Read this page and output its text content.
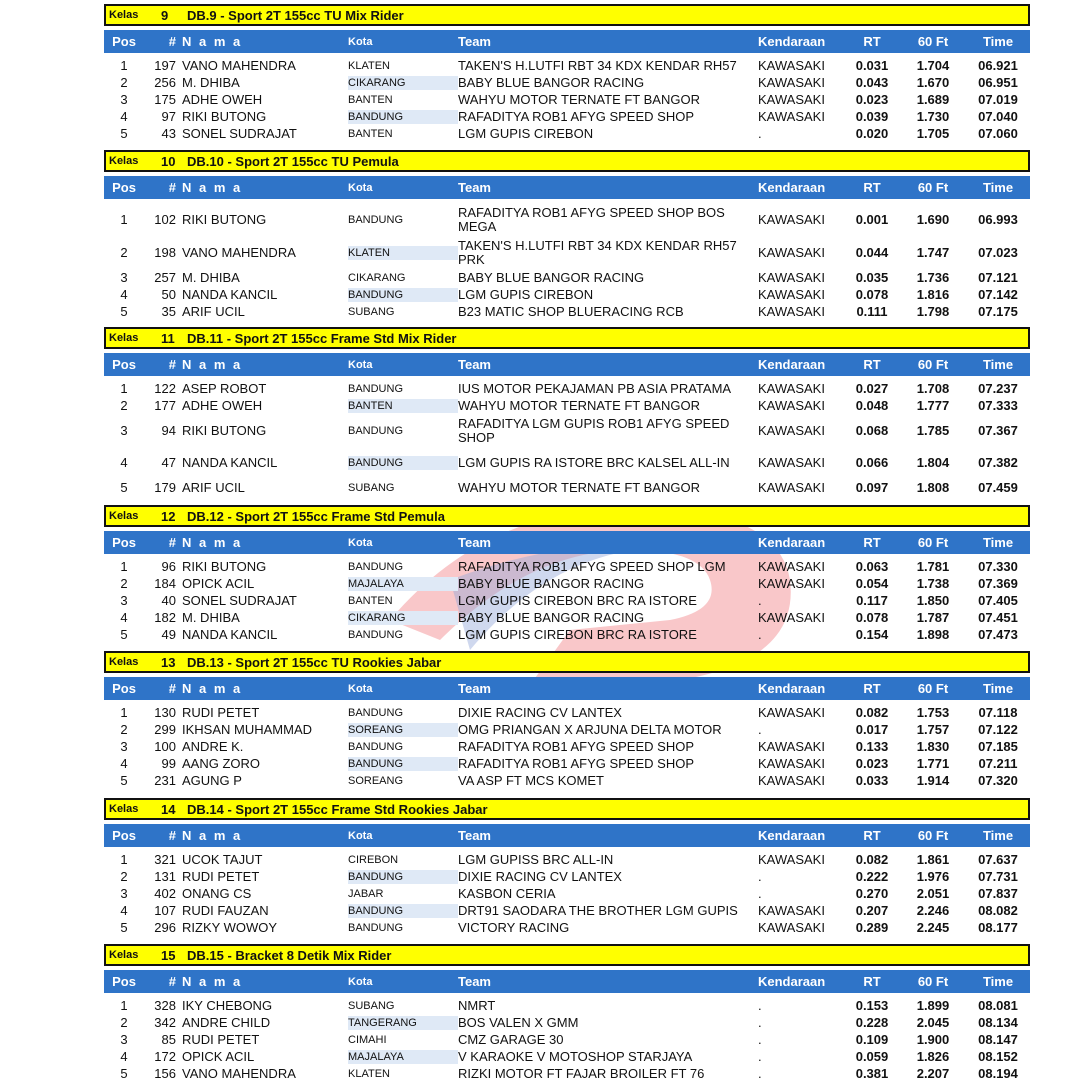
Kelas	9	DB.9 - Sport 2T 155cc TU Mix Rider
Pos	# N a m a	Kota	Team	Kendaraan	RT	60 Ft	Time
1	197 VANO MAHENDRA	KLATEN	TAKEN'S H.LUTFI RBT 34 KDX KENDAR RH57	KAWASAKI	0.031	1.704	06.921
2	256 M. DHIBA	CIKARANG	BABY BLUE BANGOR RACING	KAWASAKI	0.043	1.670	06.951
3	175 ADHE OWEH	BANTEN	WAHYU MOTOR TERNATE FT BANGOR	KAWASAKI	0.023	1.689	07.019
4	97 RIKI BUTONG	BANDUNG	RAFADITYA ROB1 AFYG SPEED SHOP	KAWASAKI	0.039	1.730	07.040
5	43 SONEL SUDRAJAT	BANTEN	LGM GUPIS CIREBON	.	0.020	1.705	07.060
Kelas	10 DB.10 - Sport 2T 155cc TU Pemula
Pos	# N a m a	Kota	Team	Kendaraan	RT	60 Ft	Time
1	102 RIKI BUTONG	BANDUNG	RAFADITYA ROB1 AFYG SPEED SHOP BOS MEGA	KAWASAKI	0.001	1.690	06.993
2	198 VANO MAHENDRA	KLATEN	TAKEN'S H.LUTFI RBT 34 KDX KENDAR RH57 PRK	KAWASAKI	0.044	1.747	07.023
3	257 M. DHIBA	CIKARANG	BABY BLUE BANGOR RACING	KAWASAKI	0.035	1.736	07.121
4	50 NANDA KANCIL	BANDUNG	LGM GUPIS CIREBON	KAWASAKI	0.078	1.816	07.142
5	35 ARIF UCIL	SUBANG	B23 MATIC SHOP BLUERACING RCB	KAWASAKI	0.111	1.798	07.175
Kelas	11 DB.11 - Sport 2T 155cc Frame Std Mix Rider
Pos	# N a m a	Kota	Team	Kendaraan	RT	60 Ft	Time
1	122 ASEP ROBOT	BANDUNG	IUS MOTOR PEKAJAMAN PB ASIA PRATAMA	KAWASAKI	0.027	1.708	07.237
2	177 ADHE OWEH	BANTEN	WAHYU MOTOR TERNATE FT BANGOR	KAWASAKI	0.048	1.777	07.333
3	94 RIKI BUTONG	BANDUNG	RAFADITYA LGM GUPIS ROB1 AFYG SPEED SHOP	KAWASAKI	0.068	1.785	07.367
4	47 NANDA KANCIL	BANDUNG	LGM GUPIS RA ISTORE BRC KALSEL ALL-IN	KAWASAKI	0.066	1.804	07.382
5	179 ARIF UCIL	SUBANG	WAHYU MOTOR TERNATE FT BANGOR	KAWASAKI	0.097	1.808	07.459
Kelas	12 DB.12 - Sport 2T 155cc Frame Std Pemula
Pos	# N a m a	Kota	Team	Kendaraan	RT	60 Ft	Time
1	96 RIKI BUTONG	BANDUNG	RAFADITYA ROB1 AFYG SPEED SHOP LGM	KAWASAKI	0.063	1.781	07.330
2	184 OPICK ACIL	MAJALAYA	BABY BLUE BANGOR RACING	KAWASAKI	0.054	1.738	07.369
3	40 SONEL SUDRAJAT	BANTEN	LGM GUPIS CIREBON BRC RA ISTORE	.	0.117	1.850	07.405
4	182 M. DHIBA	CIKARANG	BABY BLUE BANGOR RACING	KAWASAKI	0.078	1.787	07.451
5	49 NANDA KANCIL	BANDUNG	LGM GUPIS CIREBON BRC RA ISTORE	.	0.154	1.898	07.473
Kelas	13 DB.13 - Sport 2T 155cc TU Rookies Jabar
Pos	# N a m a	Kota	Team	Kendaraan	RT	60 Ft	Time
1	130 RUDI PETET	BANDUNG	DIXIE RACING CV LANTEX	KAWASAKI	0.082	1.753	07.118
2	299 IKHSAN MUHAMMAD	SOREANG	OMG PRIANGAN X ARJUNA DELTA MOTOR	.	0.017	1.757	07.122
3	100 ANDRE K.	BANDUNG	RAFADITYA ROB1 AFYG SPEED SHOP	KAWASAKI	0.133	1.830	07.185
4	99 AANG ZORO	BANDUNG	RAFADITYA ROB1 AFYG SPEED SHOP	KAWASAKI	0.023	1.771	07.211
5	231 AGUNG P	SOREANG	VA ASP FT MCS KOMET	KAWASAKI	0.033	1.914	07.320
Kelas	14 DB.14 - Sport 2T 155cc Frame Std Rookies Jabar
Pos	# N a m a	Kota	Team	Kendaraan	RT	60 Ft	Time
1	321 UCOK TAJUT	CIREBON	LGM GUPISS BRC ALL-IN	KAWASAKI	0.082	1.861	07.637
2	131 RUDI PETET	BANDUNG	DIXIE RACING CV LANTEX	.	0.222	1.976	07.731
3	402 ONANG CS	JABAR	KASBON CERIA	.	0.270	2.051	07.837
4	107 RUDI FAUZAN	BANDUNG	DRT91 SAODARA THE BROTHER LGM GUPIS	KAWASAKI	0.207	2.246	08.082
5	296 RIZKY WOWOY	BANDUNG	VICTORY RACING	KAWASAKI	0.289	2.245	08.177
Kelas	15 DB.15 - Bracket 8 Detik Mix Rider
Pos	# N a m a	Kota	Team	Kendaraan	RT	60 Ft	Time
1	328 IKY CHEBONG	SUBANG	NMRT	.	0.153	1.899	08.081
2	342 ANDRE CHILD	TANGERANG	BOS VALEN X GMM	.	0.228	2.045	08.134
3	85 RUDI PETET	CIMAHI	CMZ GARAGE 30	.	0.109	1.900	08.147
4	172 OPICK ACIL	MAJALAYA	V KARAOKE V MOTOSHOP STARJAYA	.	0.059	1.826	08.152
5	156 VANO MAHENDRA	KLATEN	RIZKI MOTOR FT FAJAR BROILER FT 76	.	0.381	2.207	08.194
